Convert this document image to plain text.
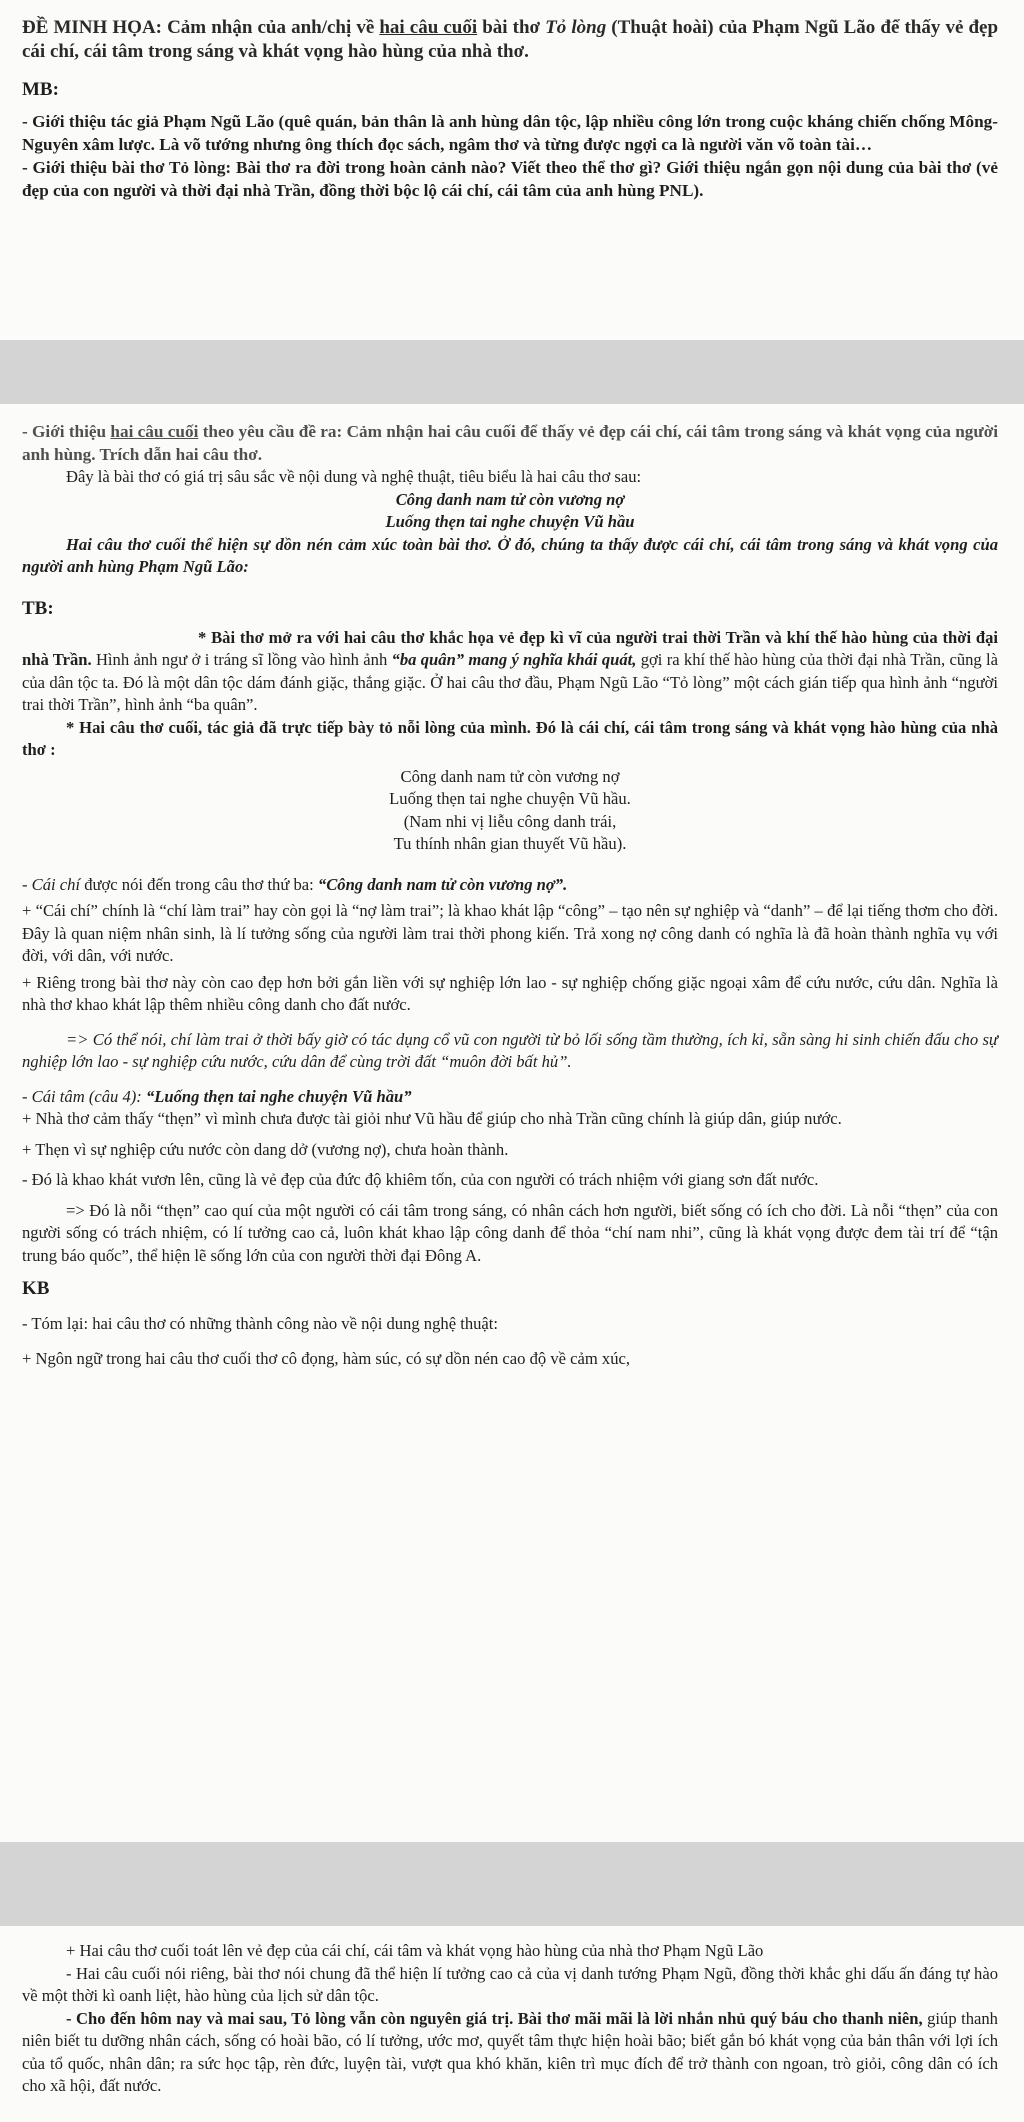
ĐỀ MINH HỌA: Cảm nhận của anh/chị về hai câu cuối bài thơ Tỏ lòng (Thuật hoài) của Phạm Ngũ Lão để thấy vẻ đẹp cái chí, cái tâm trong sáng và khát vọng hào hùng của nhà thơ.

MB:

- Giới thiệu tác giả Phạm Ngũ Lão (quê quán, bản thân là anh hùng dân tộc, lập nhiều công lớn trong cuộc kháng chiến chống Mông-Nguyên xâm lược. Là võ tướng nhưng ông thích đọc sách, ngâm thơ và từng được ngợi ca là người văn võ toàn tài…

- Giới thiệu bài thơ Tỏ lòng: Bài thơ ra đời trong hoàn cảnh nào? Viết theo thể thơ gì? Giới thiệu ngắn gọn nội dung của bài thơ (vẻ đẹp của con người và thời đại nhà Trần, đồng thời bộc lộ cái chí, cái tâm của anh hùng PNL).

- Giới thiệu hai câu cuối theo yêu cầu đề ra: Cảm nhận hai câu cuối để thấy vẻ đẹp cái chí, cái tâm trong sáng và khát vọng của người anh hùng. Trích dẫn hai câu thơ.

Đây là bài thơ có giá trị sâu sắc về nội dung và nghệ thuật, tiêu biểu là hai câu thơ sau:

Công danh nam tử còn vương nợ

Luống thẹn tai nghe chuyện Vũ hầu

Hai câu thơ cuối thể hiện sự dồn nén cảm xúc toàn bài thơ. Ở đó, chúng ta thấy được cái chí, cái tâm trong sáng và khát vọng của người anh hùng Phạm Ngũ Lão:

TB:

* Bài thơ mở ra với hai câu thơ khắc họa vẻ đẹp kì vĩ của người trai thời Trần và khí thế hào hùng của thời đại nhà Trần. Hình ảnh ngư ở i tráng sĩ lồng vào hình ảnh “ba quân” mang ý nghĩa khái quát, gợi ra khí thế hào hùng của thời đại nhà Trần, cũng là của dân tộc ta. Đó là một dân tộc dám đánh giặc, thắng giặc. Ở hai câu thơ đầu, Phạm Ngũ Lão “Tỏ lòng” một cách gián tiếp qua hình ảnh “người trai thời Trần”, hình ảnh “ba quân”.

* Hai câu thơ cuối, tác giả đã trực tiếp bày tỏ nỗi lòng của mình. Đó là cái chí, cái tâm trong sáng và khát vọng hào hùng của nhà thơ :

Công danh nam tử còn vương nợ

Luống thẹn tai nghe chuyện Vũ hầu.

(Nam nhi vị liễu công danh trái,

Tu thính nhân gian thuyết Vũ hầu).

- Cái chí được nói đến trong câu thơ thứ ba: “Công danh nam tử còn vương nợ”.

+ “Cái chí” chính là “chí làm trai” hay còn gọi là “nợ làm trai”; là khao khát lập “công” – tạo nên sự nghiệp và “danh” – để lại tiếng thơm cho đời. Đây là quan niệm nhân sinh, là lí tưởng sống của người làm trai thời phong kiến. Trả xong nợ công danh có nghĩa là đã hoàn thành nghĩa vụ với đời, với dân, với nước.

+ Riêng trong bài thơ này còn cao đẹp hơn bởi gắn liền với sự nghiệp lớn lao - sự nghiệp chống giặc ngoại xâm để cứu nước, cứu dân. Nghĩa là nhà thơ khao khát lập thêm nhiều công danh cho đất nước.

=> Có thể nói, chí làm trai ở thời bấy giờ có tác dụng cổ vũ con người từ bỏ lối sống tầm thường, ích kỉ, sẵn sàng hi sinh chiến đấu cho sự nghiệp lớn lao - sự nghiệp cứu nước, cứu dân để cùng trời đất “muôn đời bất hủ”.

- Cái tâm (câu 4): “Luống thẹn tai nghe chuyện Vũ hầu”

+ Nhà thơ cảm thấy “thẹn” vì mình chưa được tài giỏi như Vũ hầu để giúp cho nhà Trần cũng chính là giúp dân, giúp nước.

+ Thẹn vì sự nghiệp cứu nước còn dang dở (vương nợ), chưa hoàn thành.

- Đó là khao khát vươn lên, cũng là vẻ đẹp của đức độ khiêm tốn, của con người có trách nhiệm với giang sơn đất nước.

=> Đó là nỗi “thẹn” cao quí của một người có cái tâm trong sáng, có nhân cách hơn người, biết sống có ích cho đời. Là nỗi “thẹn” của con người sống có trách nhiệm, có lí tưởng cao cả, luôn khát khao lập công danh để thỏa “chí nam nhi”, cũng là khát vọng được đem tài trí để “tận trung báo quốc”, thể hiện lẽ sống lớn của con người thời đại Đông A.

KB

- Tóm lại: hai câu thơ có những thành công nào về nội dung nghệ thuật:

+ Ngôn ngữ trong hai câu thơ cuối thơ cô đọng, hàm súc, có sự dồn nén cao độ về cảm xúc,

+ Hai câu thơ cuối toát lên vẻ đẹp của cái chí, cái tâm và khát vọng hào hùng của nhà thơ Phạm Ngũ Lão

- Hai câu cuối nói riêng, bài thơ nói chung đã thể hiện lí tưởng cao cả của vị danh tướng Phạm Ngũ, đồng thời khắc ghi dấu ấn đáng tự hào về một thời kì oanh liệt, hào hùng của lịch sử dân tộc.

- Cho đến hôm nay và mai sau, Tỏ lòng vẫn còn nguyên giá trị. Bài thơ mãi mãi là lời nhắn nhủ quý báu cho thanh niên, giúp thanh niên biết tu dưỡng nhân cách, sống có hoài bão, có lí tưởng, ước mơ, quyết tâm thực hiện hoài bão; biết gắn bó khát vọng của bản thân với lợi ích của tổ quốc, nhân dân; ra sức học tập, rèn đức, luyện tài, vượt qua khó khăn, kiên trì mục đích để trở thành con ngoan, trò giỏi, công dân có ích cho xã hội, đất nước.
